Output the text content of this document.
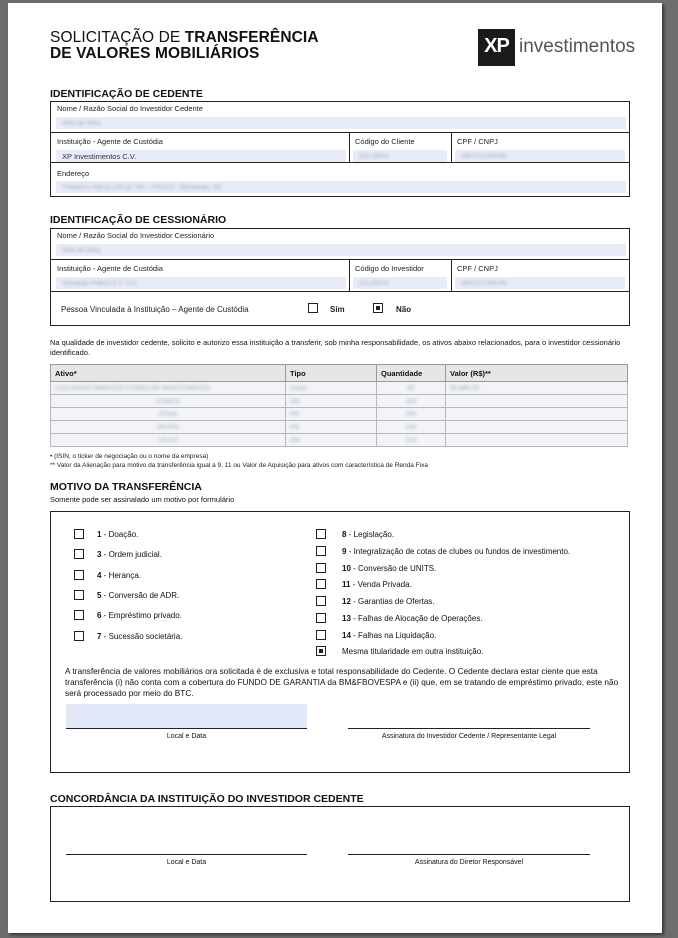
SOLICITAÇÃO DE TRANSFERÊNCIA
DE VALORES MOBILIÁRIOS	XP investimentos
IDENTIFICAÇÃO DE CEDENTE
Nome / Razão Social do Investidor Cedente
Helo de Silva
Instituição - Agente de Custódia
XP Investimentos C.V.
Código do Cliente
231.330-8
CPF / CNPJ
000.072.009-96
Endereço
Theodoro Hall (i) 100 (ii) 700 - 70510-0 - Blumenau, SC
IDENTIFICAÇÃO DE CESSIONÁRIO
Nome / Razão Social do Investidor Cessionário
Helo de Silva
Instituição - Agente de Custódia
Servação Fideos E.T. S.A.
Código do Investidor
101.903-8
CPF / CNPJ
000.072.009-96
Pessoa Vinculada à Instituição – Agente de Custódia	Sim	Não
Na qualidade de investidor cedente, solicito e autorizo essa instituição a transferir, sob minha responsabilidade, os ativos abaixo relacionados, para o investidor cessionário identificado.
Ativo*	Tipo	Quantidade	Valor (R$)**
LIGA INVESTIMENTOS FUNDO DE INVESTIMENTO	Cotas	85	35.895,00
CSMG3	ON	200	
ITSA4	PN	300	
PETR4	PN	100	
VALE3	ON	150	
• (ISIN, o ticker de negociação ou o nome da empresa)
** Valor da Alienação para motivo da transferência igual a 9, 11 ou Valor de Aquisição para ativos com característica de Renda Fixa
MOTIVO DA TRANSFERÊNCIA
Somente pode ser assinalado um motivo por formulário
1 - Doação.
3 - Ordem judicial.
4 - Herança.
5 - Conversão de ADR.
6 - Empréstimo privado.
7 - Sucessão societária.
8 - Legislação.
9 - Integralização de cotas de clubes ou fundos de investimento.
10 - Conversão de UNITS.
11 - Venda Privada.
12 - Garantias de Ofertas.
13 - Falhas de Alocação de Operações.
14 - Falhas na Liquidação.
Mesma titularidade em outra instituição.
A transferência de valores mobiliários ora solicitada é de exclusiva e total responsabilidade do Cedente. O Cedente declara estar ciente que esta transferência (i) não conta com a cobertura do FUNDO DE GARANTIA da BM&FBOVESPA e (ii) que, em se tratando de empréstimo privado, este não será processado por meio do BTC.
Local e Data	Assinatura do Investidor Cedente / Representante Legal
CONCORDÂNCIA DA INSTITUIÇÃO DO INVESTIDOR CEDENTE
Local e Data	Assinatura do Diretor Responsável
